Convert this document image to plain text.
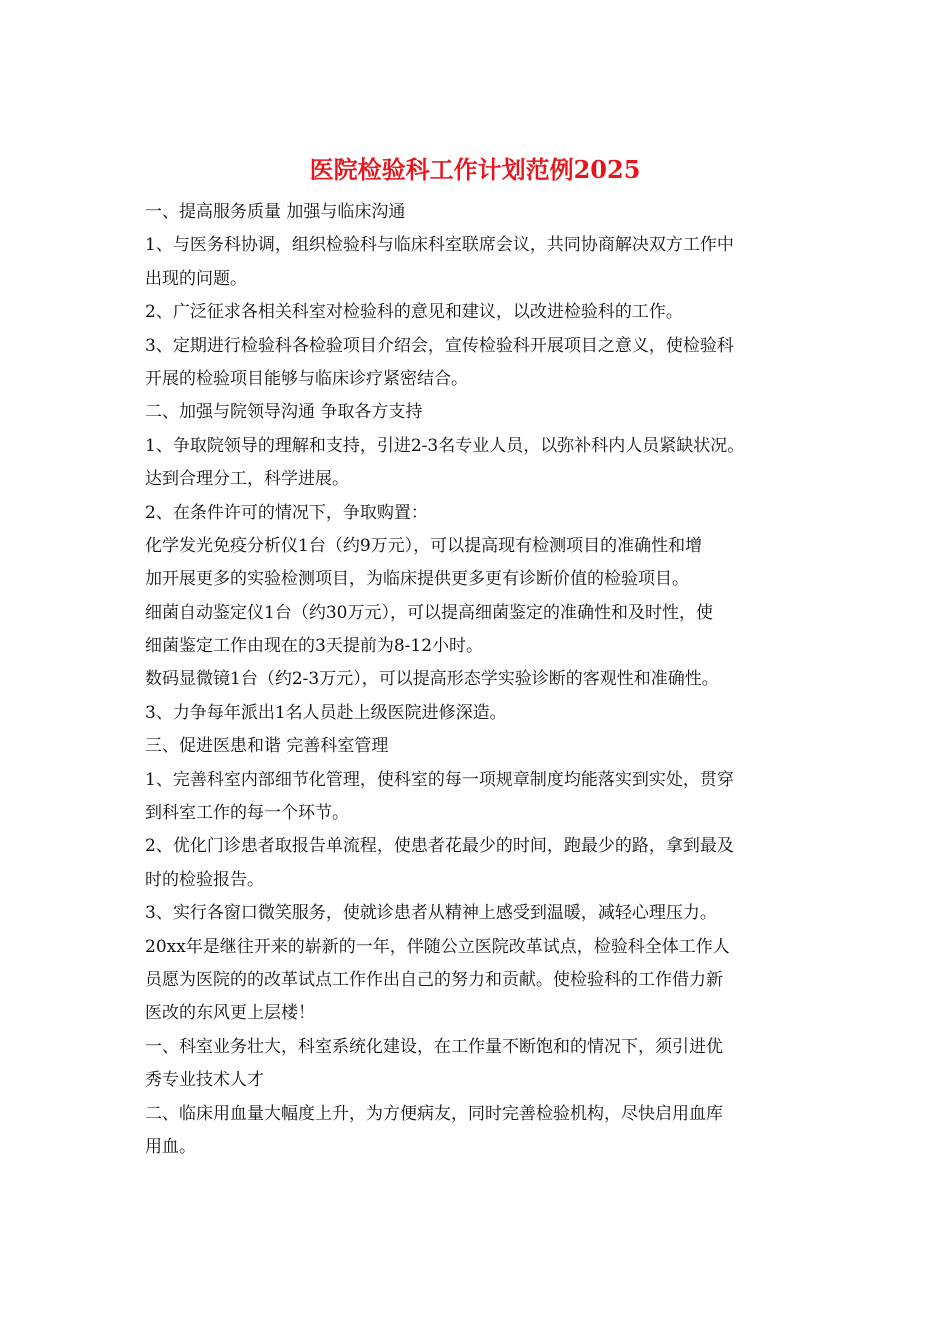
医院检验科工作计划范例2025

一、提高服务质量 加强与临床沟通

1、与医务科协调，组织检验科与临床科室联席会议，共同协商解决双方工作中

出现的问题。

2、广泛征求各相关科室对检验科的意见和建议，以改进检验科的工作。

3、定期进行检验科各检验项目介绍会，宣传检验科开展项目之意义，使检验科

开展的检验项目能够与临床诊疗紧密结合。

二、加强与院领导沟通 争取各方支持

1、争取院领导的理解和支持，引进2-3名专业人员，以弥补科内人员紧缺状况。

达到合理分工，科学进展。

2、在条件许可的情况下，争取购置：

化学发光免疫分析仪1台（约9万元），可以提高现有检测项目的准确性和增

加开展更多的实验检测项目，为临床提供更多更有诊断价值的检验项目。

细菌自动鉴定仪1台（约30万元），可以提高细菌鉴定的准确性和及时性，使

细菌鉴定工作由现在的3天提前为8-12小时。

数码显微镜1台（约2-3万元），可以提高形态学实验诊断的客观性和准确性。

3、力争每年派出1名人员赴上级医院进修深造。

三、促进医患和谐 完善科室管理

1、完善科室内部细节化管理，使科室的每一项规章制度均能落实到实处，贯穿

到科室工作的每一个环节。

2、优化门诊患者取报告单流程，使患者花最少的时间，跑最少的路，拿到最及

时的检验报告。

3、实行各窗口微笑服务，使就诊患者从精神上感受到温暖，减轻心理压力。

20xx年是继往开来的崭新的一年，伴随公立医院改革试点，检验科全体工作人

员愿为医院的的改革试点工作作出自己的努力和贡献。使检验科的工作借力新

医改的东风更上层楼！

一、科室业务壮大，科室系统化建设，在工作量不断饱和的情况下，须引进优

秀专业技术人才

二、临床用血量大幅度上升，为方便病友，同时完善检验机构，尽快启用血库

用血。
